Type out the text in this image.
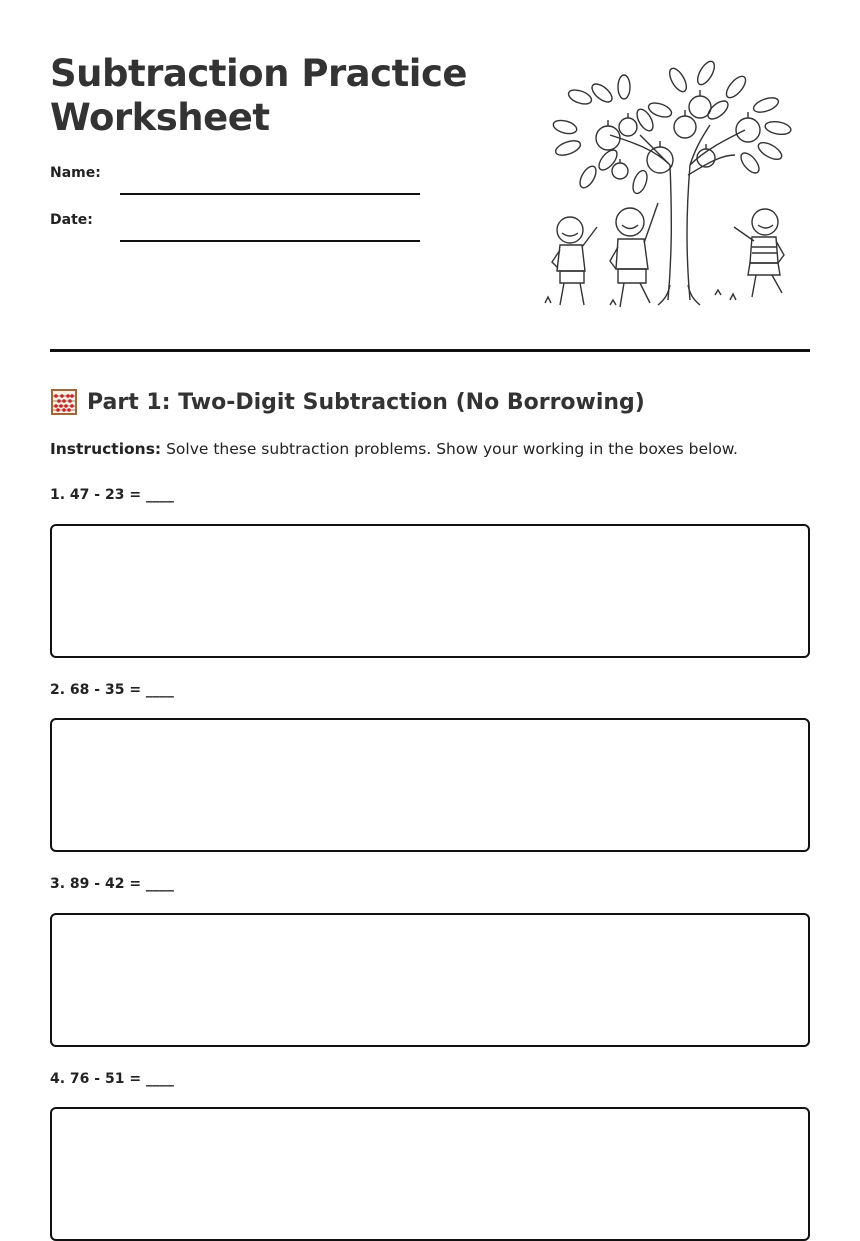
Subtraction Practice
Worksheet
Name:
Date:
Part 1: Two-Digit Subtraction (No Borrowing)
Instructions: Solve these subtraction problems. Show your working in the boxes below.
1. 47 - 23 = ____
2. 68 - 35 = ____
3. 89 - 42 = ____
4. 76 - 51 = ____
